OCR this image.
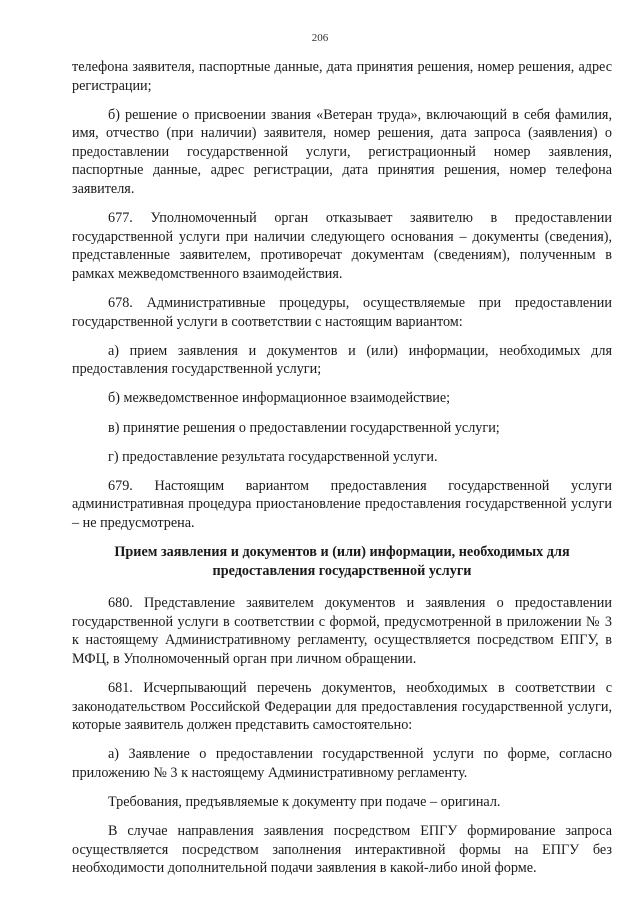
206

телефона заявителя, паспортные данные, дата принятия решения, номер решения, адрес регистрации;

б) решение о присвоении звания «Ветеран труда», включающий в себя фамилия, имя, отчество (при наличии) заявителя, номер решения, дата запроса (заявления) о предоставлении государственной услуги, регистрационный номер заявления, паспортные данные, адрес регистрации, дата принятия решения, номер телефона заявителя.

677. Уполномоченный орган отказывает заявителю в предоставлении государственной услуги при наличии следующего основания – документы (сведения), представленные заявителем, противоречат документам (сведениям), полученным в рамках межведомственного взаимодействия.

678. Административные процедуры, осуществляемые при предоставлении государственной услуги в соответствии с настоящим вариантом:

а) прием заявления и документов и (или) информации, необходимых для предоставления государственной услуги;

б) межведомственное информационное взаимодействие;

в) принятие решения о предоставлении государственной услуги;

г) предоставление результата государственной услуги.

679. Настоящим вариантом предоставления государственной услуги административная процедура приостановление предоставления государственной услуги – не предусмотрена.

Прием заявления и документов и (или) информации, необходимых для предоставления государственной услуги

680. Представление заявителем документов и заявления о предоставлении государственной услуги в соответствии с формой, предусмотренной в приложении № 3 к настоящему Административному регламенту, осуществляется посредством ЕПГУ, в МФЦ, в Уполномоченный орган при личном обращении.

681. Исчерпывающий перечень документов, необходимых в соответствии с законодательством Российской Федерации для предоставления государственной услуги, которые заявитель должен представить самостоятельно:

а) Заявление о предоставлении государственной услуги по форме, согласно приложению № 3 к настоящему Административному регламенту.

Требования, предъявляемые к документу при подаче – оригинал.

В случае направления заявления посредством ЕПГУ формирование запроса осуществляется посредством заполнения интерактивной формы на ЕПГУ без необходимости дополнительной подачи заявления в какой-либо иной форме.
